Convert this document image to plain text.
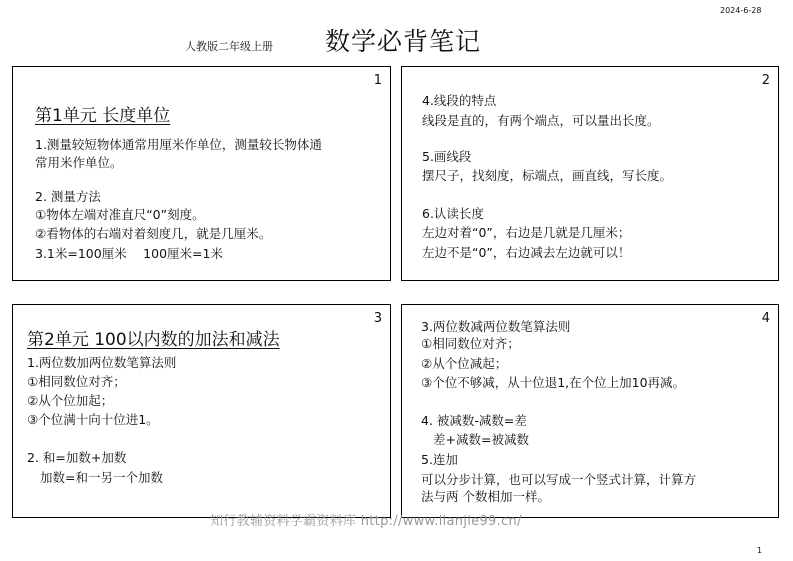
2024-6-28
人教版二年级上册 数学必背笔记
1
第1单元 长度单位
1.测量较短物体通常用厘米作单位，测量较长物体通
常用米作单位。
2. 测量方法
①物体左端对准直尺“0”刻度。
②看物体的右端对着刻度几，就是几厘米。
3.1米=100厘米　 100厘米=1米
2
4.线段的特点
线段是直的，有两个端点，可以量出长度。
5.画线段
摆尺子，找刻度，标端点，画直线，写长度。
6.认读长度
左边对着“0”，右边是几就是几厘米；
左边不是“0”，右边减去左边就可以！
3
第2单元 100以内数的加法和减法
1.两位数加两位数笔算法则
①相同数位对齐；
②从个位加起；
③个位满十向十位进1。
2. 和=加数+加数
加数=和一另一个加数
4
3.两位数减两位数笔算法则
①相同数位对齐；
②从个位减起；
③个位不够减，从十位退1,在个位上加10再减。
4. 被减数-减数=差
差+减数=被减数
5.连加
可以分步计算，也可以写成一个竖式计算，计算方
法与两 个数相加一样。
知行教辅资料学霸资料库 http://www.lianjie99.cn/
1
